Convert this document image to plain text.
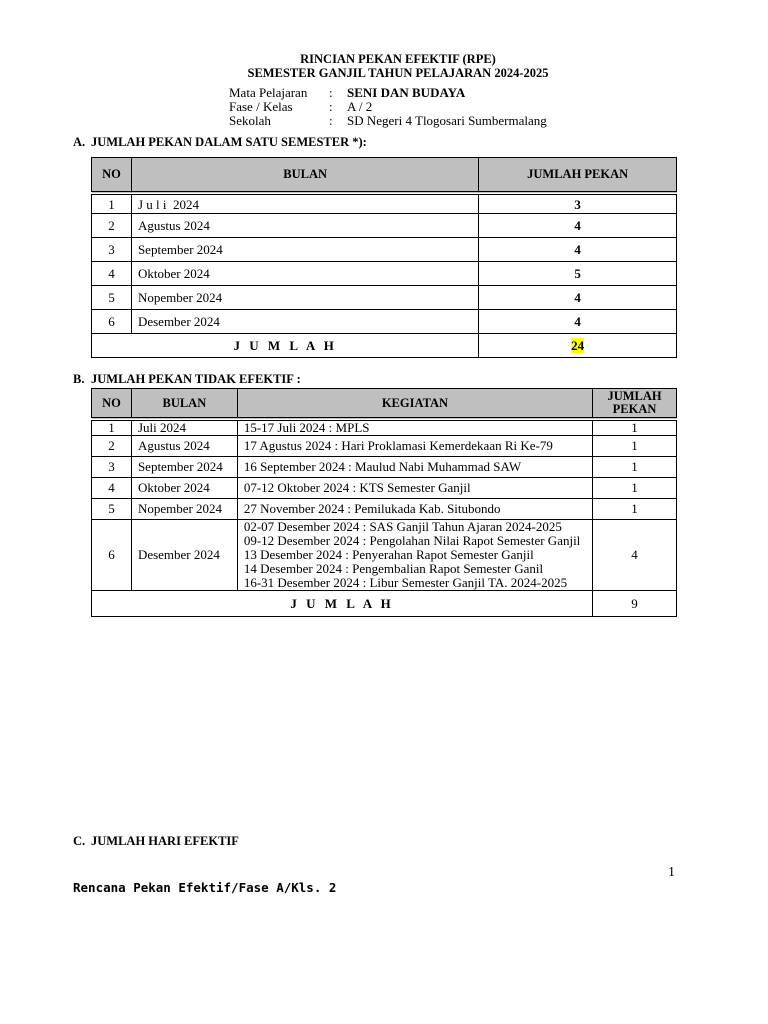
RINCIAN PEKAN EFEKTIF (RPE)
SEMESTER GANJIL TAHUN PELAJARAN 2024-2025
Mata Pelajaran : SENI DAN BUDAYA
Fase / Kelas	: A / 2
Sekolah	: SD Negeri 4 Tlogosari Sumbermalang
A. JUMLAH PEKAN DALAM SATU SEMESTER *):
NO	BULAN	JUMLAH PEKAN
1	J u l i  2024	3
2	Agustus 2024	4
3	September 2024	4
4	Oktober 2024	5
5	Nopember 2024	4
6	Desember 2024	4
J U M L A H		24
B. JUMLAH PEKAN TIDAK EFEKTIF :
NO	BULAN	KEGIATAN	JUMLAH
PEKAN
1	Juli 2024	15-17 Juli 2024 : MPLS	1
2	Agustus 2024	17 Agustus 2024 : Hari Proklamasi Kemerdekaan Ri Ke-79	1
3	September 2024	16 September 2024 : Maulud Nabi Muhammad SAW	1
4	Oktober 2024	07-12 Oktober 2024 : KTS Semester Ganjil	1
5	Nopember 2024	27 November 2024 : Pemilukada Kab. Situbondo	1
6	Desember 2024	02-07 Desember 2024 : SAS Ganjil Tahun Ajaran 2024-2025
09-12 Desember 2024 : Pengolahan Nilai Rapot Semester Ganjil
13 Desember 2024 : Penyerahan Rapot Semester Ganjil
14 Desember 2024 : Pengembalian Rapot Semester Ganil
16-31 Desember 2024 : Libur Semester Ganjil TA. 2024-2025	4
J U M L A H			9
C. JUMLAH HARI EFEKTIF
1
Rencana Pekan Efektif/Fase A/Kls. 2
